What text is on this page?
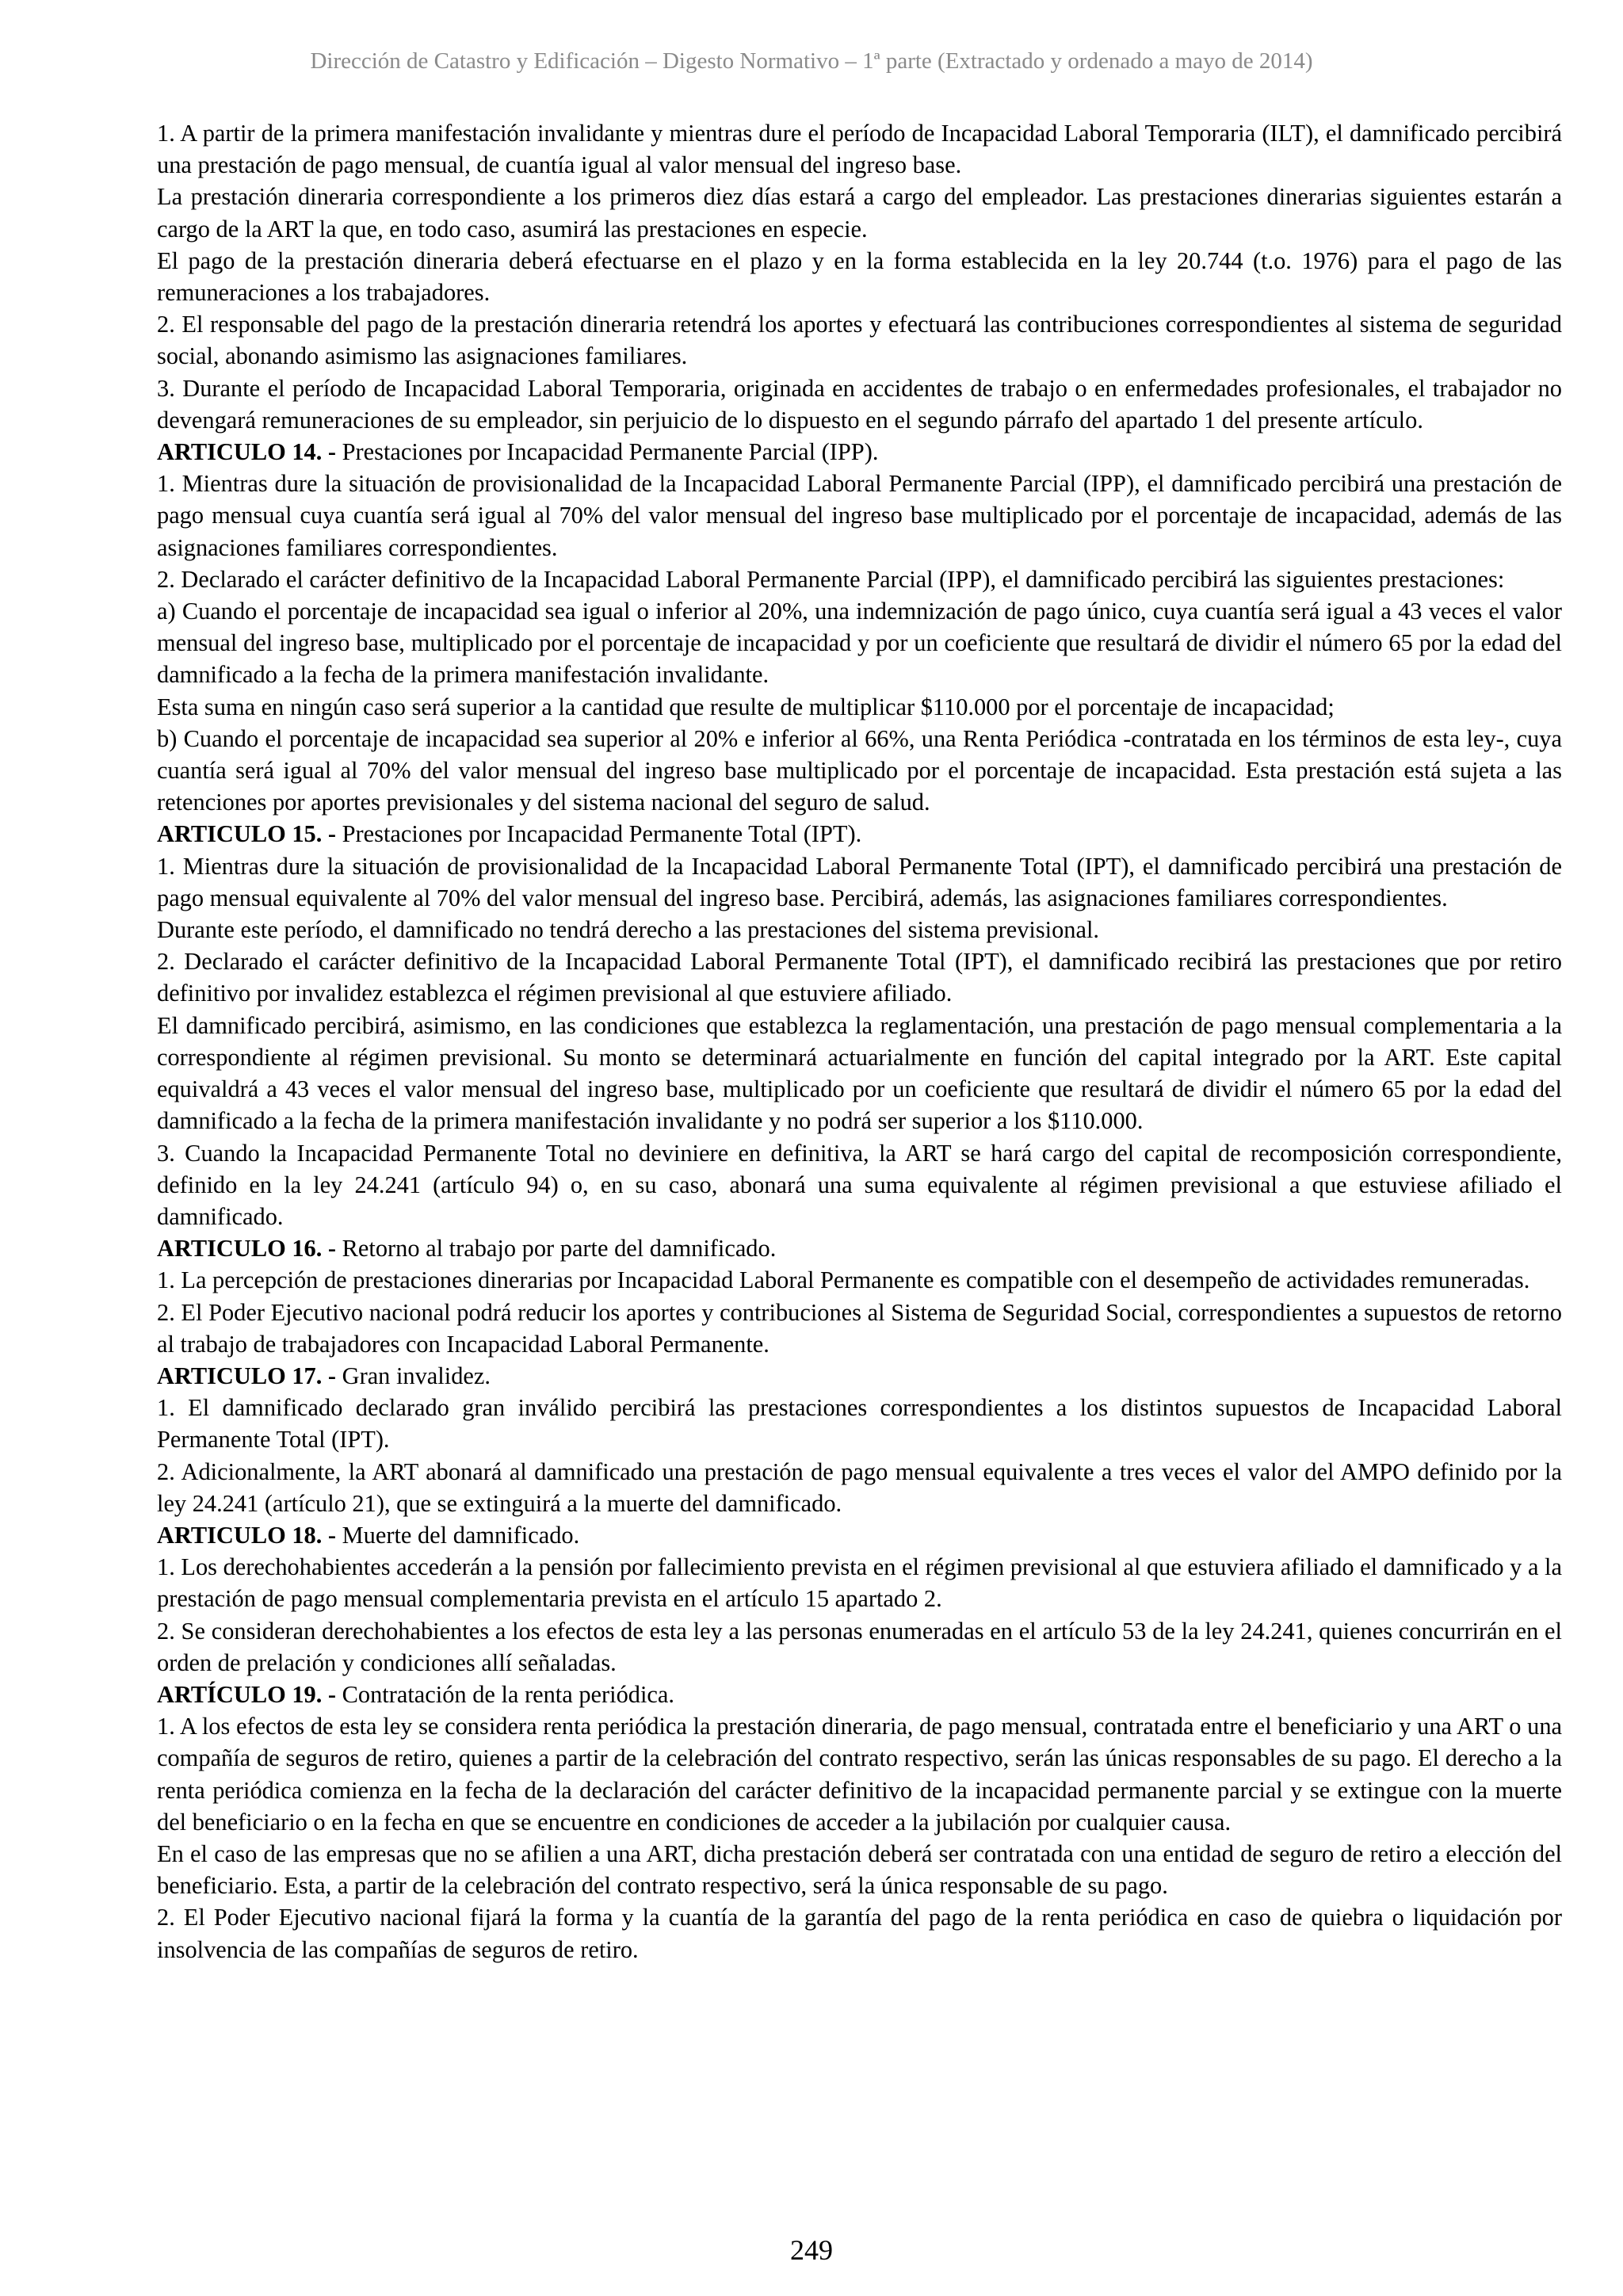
Dirección de Catastro y Edificación – Digesto Normativo – 1ª parte (Extractado y ordenado a mayo de 2014)

1. A partir de la primera manifestación invalidante y mientras dure el período de Incapacidad Laboral Temporaria (ILT), el damnificado percibirá una prestación de pago mensual, de cuantía igual al valor mensual del ingreso base.

La prestación dineraria correspondiente a los primeros diez días estará a cargo del empleador. Las prestaciones dinerarias siguientes estarán a cargo de la ART la que, en todo caso, asumirá las prestaciones en especie.

El pago de la prestación dineraria deberá efectuarse en el plazo y en la forma establecida en la ley 20.744 (t.o. 1976) para el pago de las remuneraciones a los trabajadores.

2. El responsable del pago de la prestación dineraria retendrá los aportes y efectuará las contribuciones correspondientes al sistema de seguridad social, abonando asimismo las asignaciones familiares.

3. Durante el período de Incapacidad Laboral Temporaria, originada en accidentes de trabajo o en enfermedades profesionales, el trabajador no devengará remuneraciones de su empleador, sin perjuicio de lo dispuesto en el segundo párrafo del apartado 1 del presente artículo.

ARTICULO 14. - Prestaciones por Incapacidad Permanente Parcial (IPP).

1. Mientras dure la situación de provisionalidad de la Incapacidad Laboral Permanente Parcial (IPP), el damnificado percibirá una prestación de pago mensual cuya cuantía será igual al 70% del valor mensual del ingreso base multiplicado por el porcentaje de incapacidad, además de las asignaciones familiares correspondientes.

2. Declarado el carácter definitivo de la Incapacidad Laboral Permanente Parcial (IPP), el damnificado percibirá las siguientes prestaciones:

a) Cuando el porcentaje de incapacidad sea igual o inferior al 20%, una indemnización de pago único, cuya cuantía será igual a 43 veces el valor mensual del ingreso base, multiplicado por el porcentaje de incapacidad y por un coeficiente que resultará de dividir el número 65 por la edad del damnificado a la fecha de la primera manifestación invalidante.

Esta suma en ningún caso será superior a la cantidad que resulte de multiplicar $110.000 por el porcentaje de incapacidad;

b) Cuando el porcentaje de incapacidad sea superior al 20% e inferior al 66%, una Renta Periódica -contratada en los términos de esta ley-, cuya cuantía será igual al 70% del valor mensual del ingreso base multiplicado por el porcentaje de incapacidad. Esta prestación está sujeta a las retenciones por aportes previsionales y del sistema nacional del seguro de salud.

ARTICULO 15. - Prestaciones por Incapacidad Permanente Total (IPT).

1. Mientras dure la situación de provisionalidad de la Incapacidad Laboral Permanente Total (IPT), el damnificado percibirá una prestación de pago mensual equivalente al 70% del valor mensual del ingreso base. Percibirá, además, las asignaciones familiares correspondientes.

Durante este período, el damnificado no tendrá derecho a las prestaciones del sistema previsional.

2. Declarado el carácter definitivo de la Incapacidad Laboral Permanente Total (IPT), el damnificado recibirá las prestaciones que por retiro definitivo por invalidez establezca el régimen previsional al que estuviere afiliado.

El damnificado percibirá, asimismo, en las condiciones que establezca la reglamentación, una prestación de pago mensual complementaria a la correspondiente al régimen previsional. Su monto se determinará actuarialmente en función del capital integrado por la ART. Este capital equivaldrá a 43 veces el valor mensual del ingreso base, multiplicado por un coeficiente que resultará de dividir el número 65 por la edad del damnificado a la fecha de la primera manifestación invalidante y no podrá ser superior a los $110.000.

3. Cuando la Incapacidad Permanente Total no deviniere en definitiva, la ART se hará cargo del capital de recomposición correspondiente, definido en la ley 24.241 (artículo 94) o, en su caso, abonará una suma equivalente al régimen previsional a que estuviese afiliado el damnificado.

ARTICULO 16. - Retorno al trabajo por parte del damnificado.

1. La percepción de prestaciones dinerarias por Incapacidad Laboral Permanente es compatible con el desempeño de actividades remuneradas.

2. El Poder Ejecutivo nacional podrá reducir los aportes y contribuciones al Sistema de Seguridad Social, correspondientes a supuestos de retorno al trabajo de trabajadores con Incapacidad Laboral Permanente.

ARTICULO 17. - Gran invalidez.

1. El damnificado declarado gran inválido percibirá las prestaciones correspondientes a los distintos supuestos de Incapacidad Laboral Permanente Total (IPT).

2. Adicionalmente, la ART abonará al damnificado una prestación de pago mensual equivalente a tres veces el valor del AMPO definido por la ley 24.241 (artículo 21), que se extinguirá a la muerte del damnificado.

ARTICULO 18. - Muerte del damnificado.

1. Los derechohabientes accederán a la pensión por fallecimiento prevista en el régimen previsional al que estuviera afiliado el damnificado y a la prestación de pago mensual complementaria prevista en el artículo 15 apartado 2.

2. Se consideran derechohabientes a los efectos de esta ley a las personas enumeradas en el artículo 53 de la ley 24.241, quienes concurrirán en el orden de prelación y condiciones allí señaladas.

ARTÍCULO 19. - Contratación de la renta periódica.

1. A los efectos de esta ley se considera renta periódica la prestación dineraria, de pago mensual, contratada entre el beneficiario y una ART o una compañía de seguros de retiro, quienes a partir de la celebración del contrato respectivo, serán las únicas responsables de su pago. El derecho a la renta periódica comienza en la fecha de la declaración del carácter definitivo de la incapacidad permanente parcial y se extingue con la muerte del beneficiario o en la fecha en que se encuentre en condiciones de acceder a la jubilación por cualquier causa.

En el caso de las empresas que no se afilien a una ART, dicha prestación deberá ser contratada con una entidad de seguro de retiro a elección del beneficiario. Esta, a partir de la celebración del contrato respectivo, será la única responsable de su pago.

2. El Poder Ejecutivo nacional fijará la forma y la cuantía de la garantía del pago de la renta periódica en caso de quiebra o liquidación por insolvencia de las compañías de seguros de retiro.

249
